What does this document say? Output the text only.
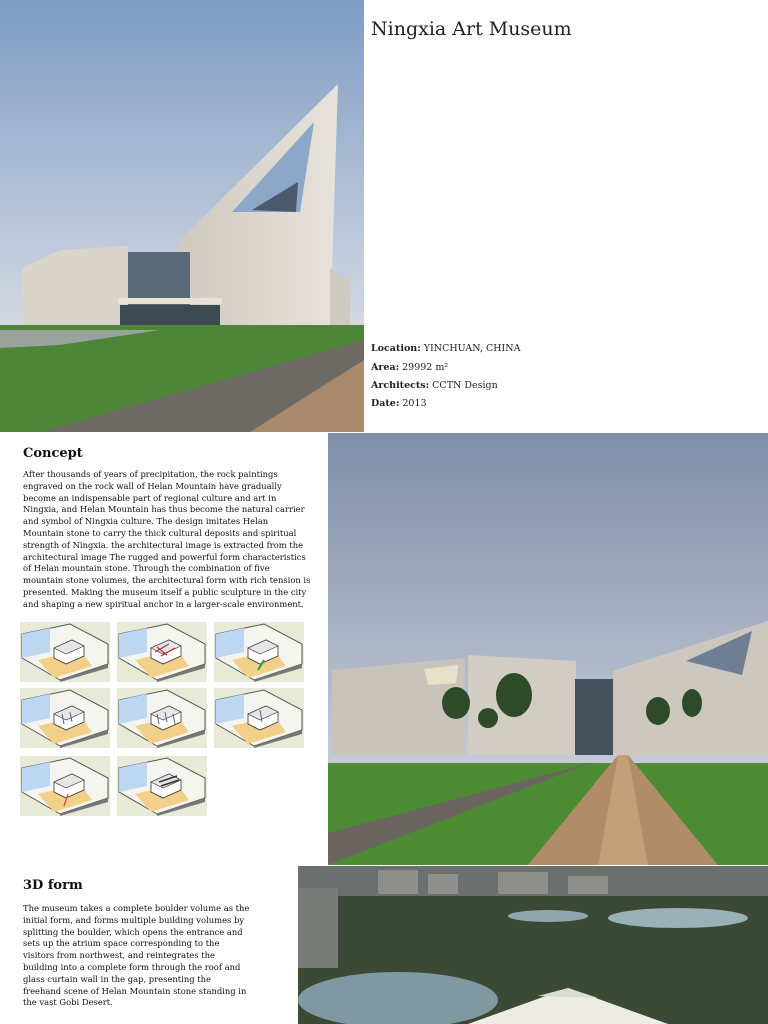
Ningxia Art Museum
Location: YINCHUAN, CHINA
Area: 29992 m²
Architects: CCTN Design
Date: 2013
Concept
After thousands of years of precipitation, the rock paintings engraved on the rock wall of Helan Mountain have gradually become an indispensable part of regional culture and art in Ningxia, and Helan Mountain has thus become the natural carrier and symbol of Ningxia culture. The design imitates Helan Mountain stone to carry the thick cultural deposits and spiritual strength of Ningxia. the architectural image is extracted from the architectural image The rugged and powerful form characteristics of Helan mountain stone. Through the combination of five mountain stone volumes, the architectural form with rich tension is presented. Making the museum itself a public sculpture in the city and shaping a new spiritual anchor in a larger-scale environment.
3D form
The museum takes a complete boulder volume as the initial form, and forms multiple building volumes by splitting the boulder, which opens the entrance and sets up the atrium space corresponding to the visitors from northwest, and reintegrates the building into a complete form through the roof and glass curtain wall in the gap, presenting the freehand scene of Helan Mountain stone standing in the vast Gobi Desert.
